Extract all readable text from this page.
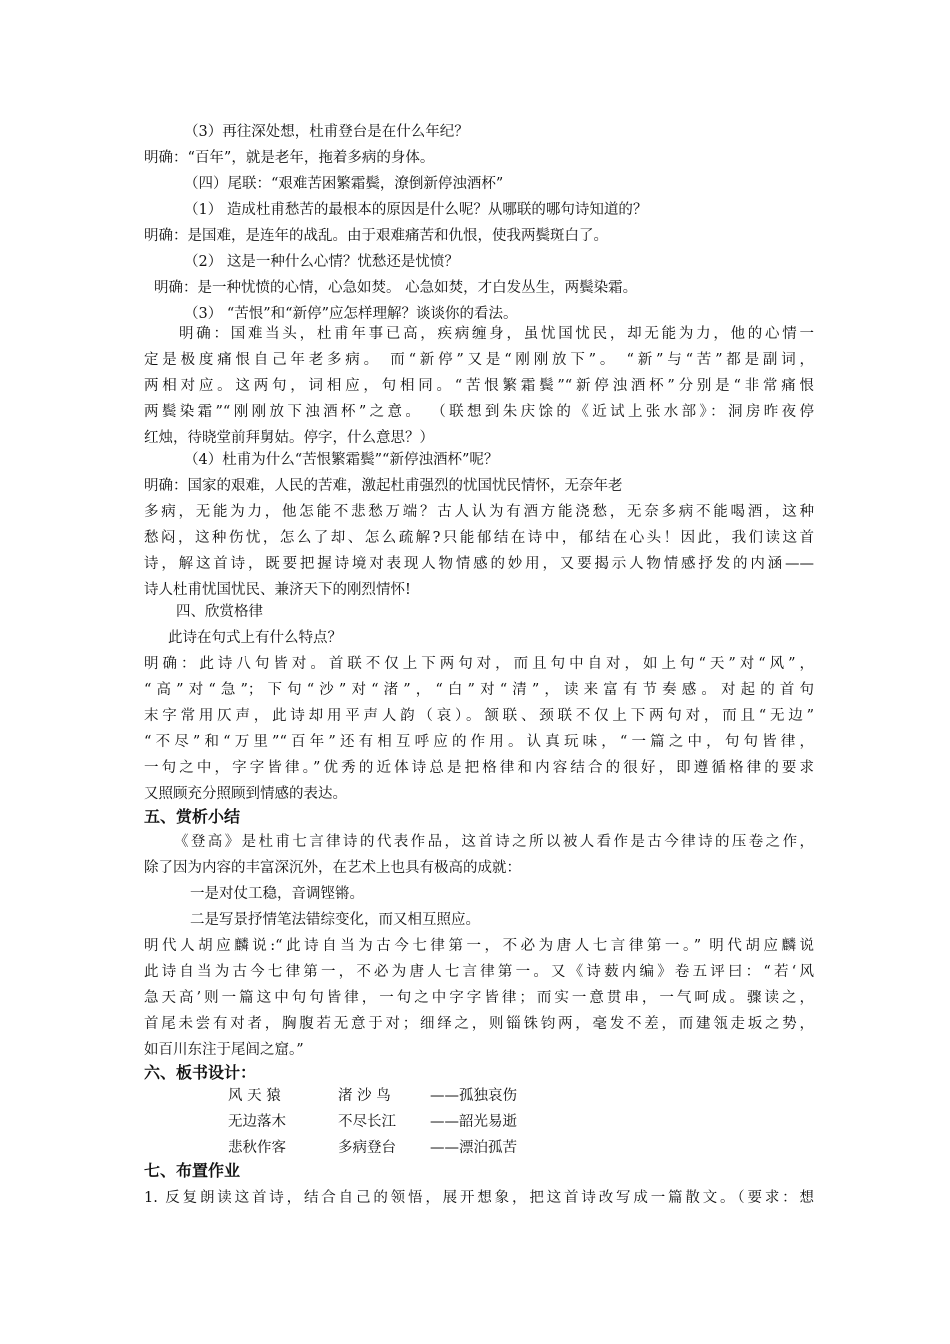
（3）再往深处想，杜甫登台是在什么年纪？
明确：“百年”，就是老年，拖着多病的身体。
（四）尾联：“艰难苦困繁霜鬓，潦倒新停浊酒杯”
（1） 造成杜甫愁苦的最根本的原因是什么呢？从哪联的哪句诗知道的？
明确：是国难，是连年的战乱。由于艰难痛苦和仇恨，使我两鬓斑白了。
（2） 这是一种什么心情？忧愁还是忧愤？
明确：是一种忧愤的心情，心急如焚。 心急如焚，才白发丛生，两鬓染霜。
（3） “苦恨”和“新停”应怎样理解？谈谈你的看法。
明确：国难当头，杜甫年事已高，疾病缠身，虽忧国忧民，却无能为力，他的心情一
定是极度痛恨自己年老多病。 而“新停”又是“刚刚放下”。 “新”与“苦”都是副词，
两相对应。这两句，词相应，句相同。“苦恨繁霜鬓”“新停浊酒杯”分别是“非常痛恨
两鬓染霜”“刚刚放下浊酒杯”之意。 （联想到朱庆馀的《近试上张水部》：洞房昨夜停
红烛，待晓堂前拜舅姑。停字，什么意思？）
（4）杜甫为什么“苦恨繁霜鬓”“新停浊酒杯”呢？
明确：国家的艰难，人民的苦难，激起杜甫强烈的忧国忧民情怀，无奈年老
多病，无能为力，他怎能不悲愁万端？古人认为有酒方能浇愁，无奈多病不能喝酒，这种
愁闷，这种伤忧，怎么了却、怎么疏解?只能郁结在诗中，郁结在心头！因此，我们读这首
诗，解这首诗，既要把握诗境对表现人物情感的妙用，又要揭示人物情感抒发的内涵——
诗人杜甫忧国忧民、兼济天下的刚烈情怀!
四、欣赏格律
此诗在句式上有什么特点？
明确：此诗八句皆对。首联不仅上下两句对，而且句中自对，如上句“天”对“风”，
“高”对“急”；下句“沙”对“渚”，“白”对“清”，读来富有节奏感。对起的首句
末字常用仄声，此诗却用平声人韵（哀）。颔联、颈联不仅上下两句对，而且“无边”
“不尽”和“万里”“百年”还有相互呼应的作用。认真玩味，“一篇之中，句句皆律，
一句之中，字字皆律。”优秀的近体诗总是把格律和内容结合的很好，即遵循格律的要求
又照顾充分照顾到情感的表达。
五、赏析小结
《登高》是杜甫七言律诗的代表作品，这首诗之所以被人看作是古今律诗的压卷之作，
除了因为内容的丰富深沉外，在艺术上也具有极高的成就：
一是对仗工稳，音调铿锵。
二是写景抒情笔法错综变化，而又相互照应。
明代人胡应麟说:“此诗自当为古今七律第一，不必为唐人七言律第一。” 明代胡应麟说
此诗自当为古今七律第一，不必为唐人七言律第一。又《诗薮内编》卷五评曰：“若‘风
急天高’则一篇这中句句皆律，一句之中字字皆律；而实一意贯串，一气呵成。骤读之，
首尾未尝有对者，胸腹若无意于对；细绎之，则锱铢钧两，毫发不差，而建瓴走坂之势，
如百川东注于尾闾之窟。”
六、板书设计：
风 天 猿	渚 沙 鸟	——孤独哀伤
无边落木	不尽长江 ——韶光易逝
悲秋作客	多病登台 ——漂泊孤苦
七、布置作业
1. 反复朗读这首诗，结合自己的领悟，展开想象，把这首诗改写成一篇散文。（要求：想
